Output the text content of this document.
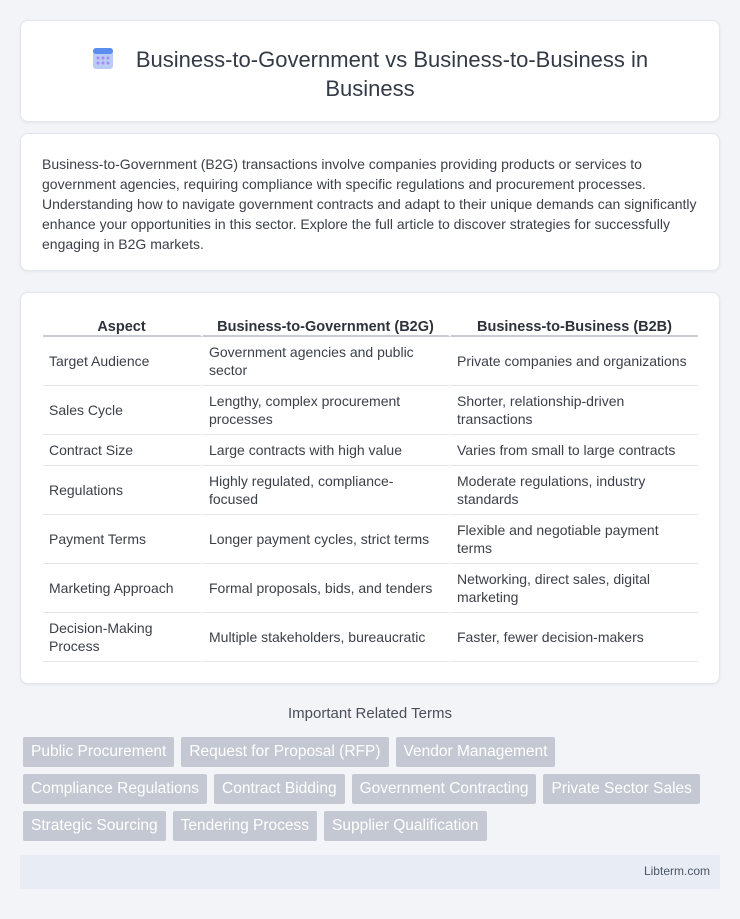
Business-to-Government vs Business-to-Business in Business

Business-to-Government (B2G) transactions involve companies providing products or services to government agencies, requiring compliance with specific regulations and procurement processes. Understanding how to navigate government contracts and adapt to their unique demands can significantly enhance your opportunities in this sector. Explore the full article to discover strategies for successfully engaging in B2G markets.

Aspect	Business-to-Government (B2G)	Business-to-Business (B2B)
Target Audience	Government agencies and public sector	Private companies and organizations
Sales Cycle	Lengthy, complex procurement processes	Shorter, relationship-driven transactions
Contract Size	Large contracts with high value	Varies from small to large contracts
Regulations	Highly regulated, compliance-focused	Moderate regulations, industry standards
Payment Terms	Longer payment cycles, strict terms	Flexible and negotiable payment terms
Marketing Approach	Formal proposals, bids, and tenders	Networking, direct sales, digital marketing
Decision-Making Process	Multiple stakeholders, bureaucratic	Faster, fewer decision-makers
Important Related Terms
Public Procurement	Request for Proposal (RFP)	Vendor Management
Compliance Regulations	Contract Bidding	Government Contracting	Private Sector Sales
Strategic Sourcing	Tendering Process	Supplier Qualification
Libterm.com
